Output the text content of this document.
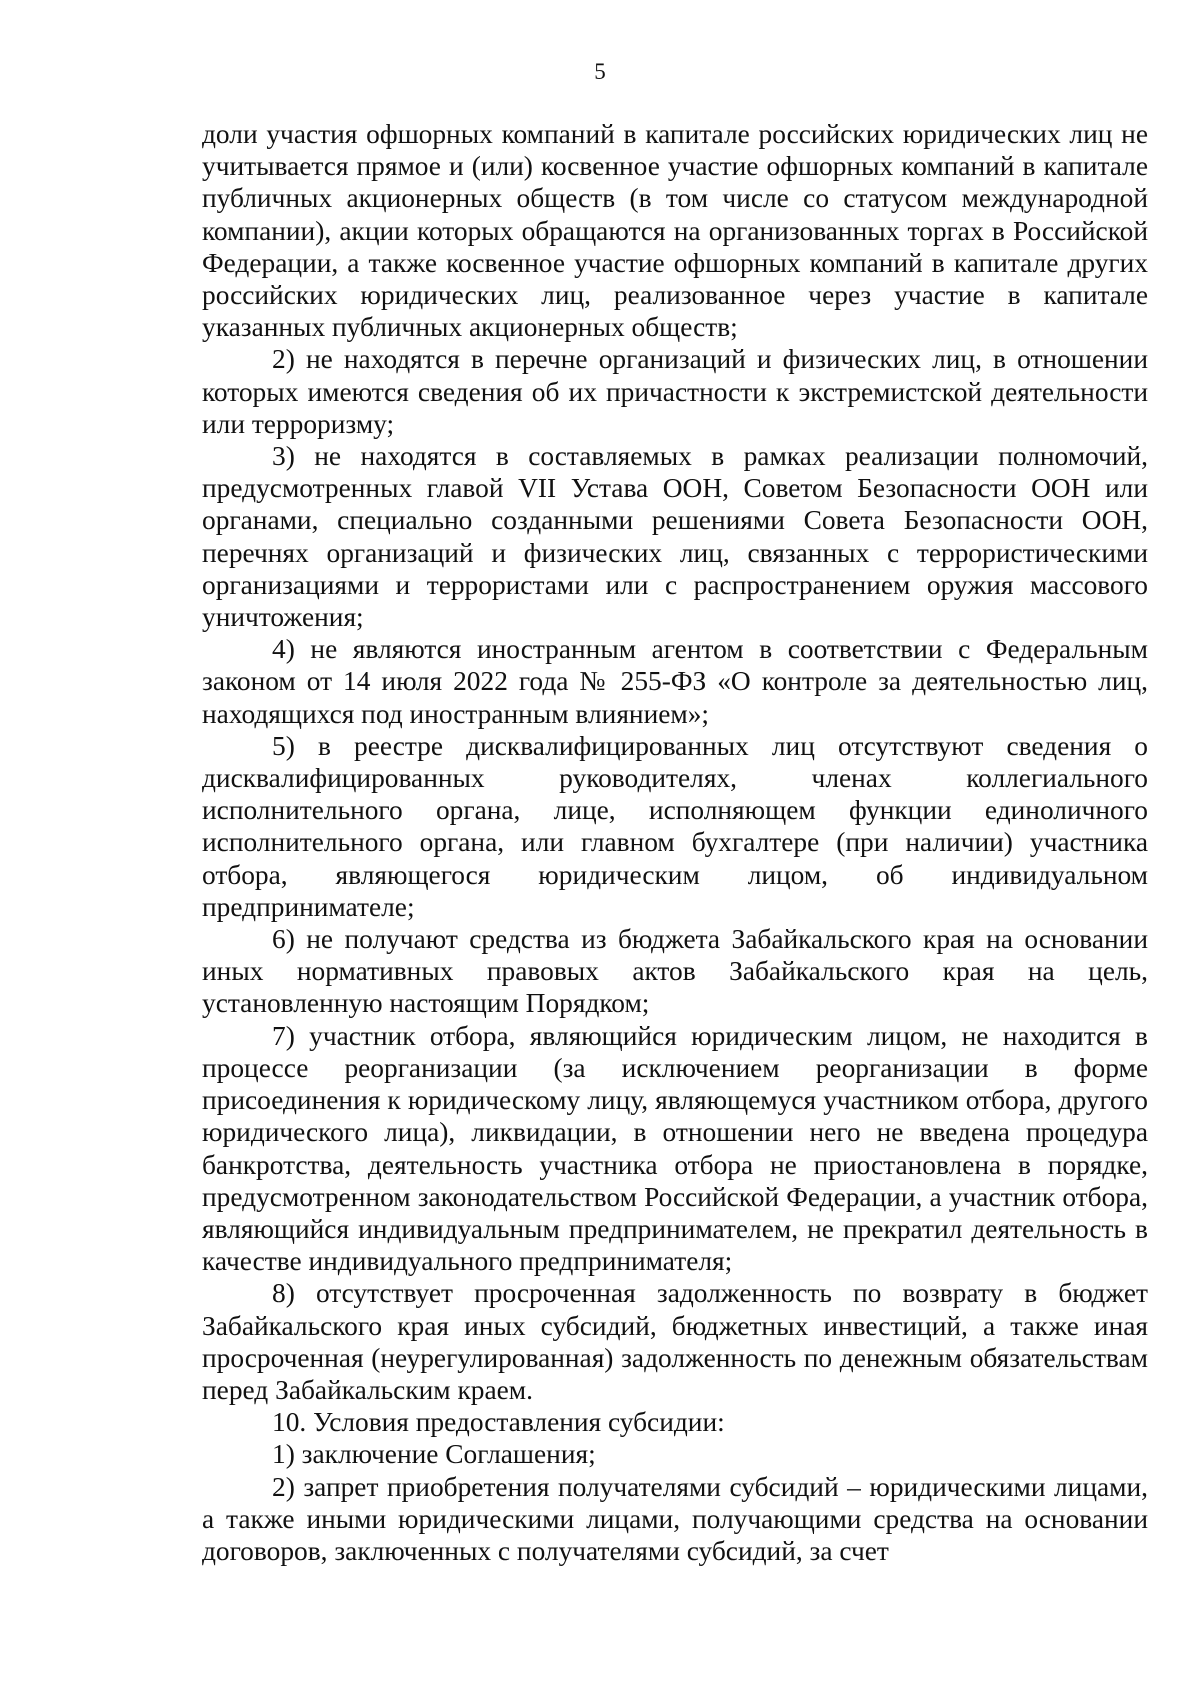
5

доли участия офшорных компаний в капитале российских юридических лиц не учитывается прямое и (или) косвенное участие офшорных компаний в капитале публичных акционерных обществ (в том числе со статусом международной компании), акции которых обращаются на организованных торгах в Российской Федерации, а также косвенное участие офшорных компаний в капитале других российских юридических лиц, реализованное через участие в капитале указанных публичных акционерных обществ;

2) не находятся в перечне организаций и физических лиц, в отношении которых имеются сведения об их причастности к экстремистской деятельности или терроризму;

3) не находятся в составляемых в рамках реализации полномочий, предусмотренных главой VII Устава ООН, Советом Безопасности ООН или органами, специально созданными решениями Совета Безопасности ООН, перечнях организаций и физических лиц, связанных с террористическими организациями и террористами или с распространением оружия массового уничтожения;

4) не являются иностранным агентом в соответствии с Федеральным законом от 14 июля 2022 года № 255-ФЗ «О контроле за деятельностью лиц, находящихся под иностранным влиянием»;

5) в реестре дисквалифицированных лиц отсутствуют сведения о дисквалифицированных руководителях, членах коллегиального исполнительного органа, лице, исполняющем функции единоличного исполнительного органа, или главном бухгалтере (при наличии) участника отбора, являющегося юридическим лицом, об индивидуальном предпринимателе;

6) не получают средства из бюджета Забайкальского края на основании иных нормативных правовых актов Забайкальского края на цель, установленную настоящим Порядком;

7) участник отбора, являющийся юридическим лицом, не находится в процессе реорганизации (за исключением реорганизации в форме присоединения к юридическому лицу, являющемуся участником отбора, другого юридического лица), ликвидации, в отношении него не введена процедура банкротства, деятельность участника отбора не приостановлена в порядке, предусмотренном законодательством Российской Федерации, а участник отбора, являющийся индивидуальным предпринимателем, не прекратил деятельность в качестве индивидуального предпринимателя;

8) отсутствует просроченная задолженность по возврату в бюджет Забайкальского края иных субсидий, бюджетных инвестиций, а также иная просроченная (неурегулированная) задолженность по денежным обязательствам перед Забайкальским краем.

10. Условия предоставления субсидии:

1) заключение Соглашения;

2) запрет приобретения получателями субсидий – юридическими лицами, а также иными юридическими лицами, получающими средства на основании договоров, заключенных с получателями субсидий, за счет
